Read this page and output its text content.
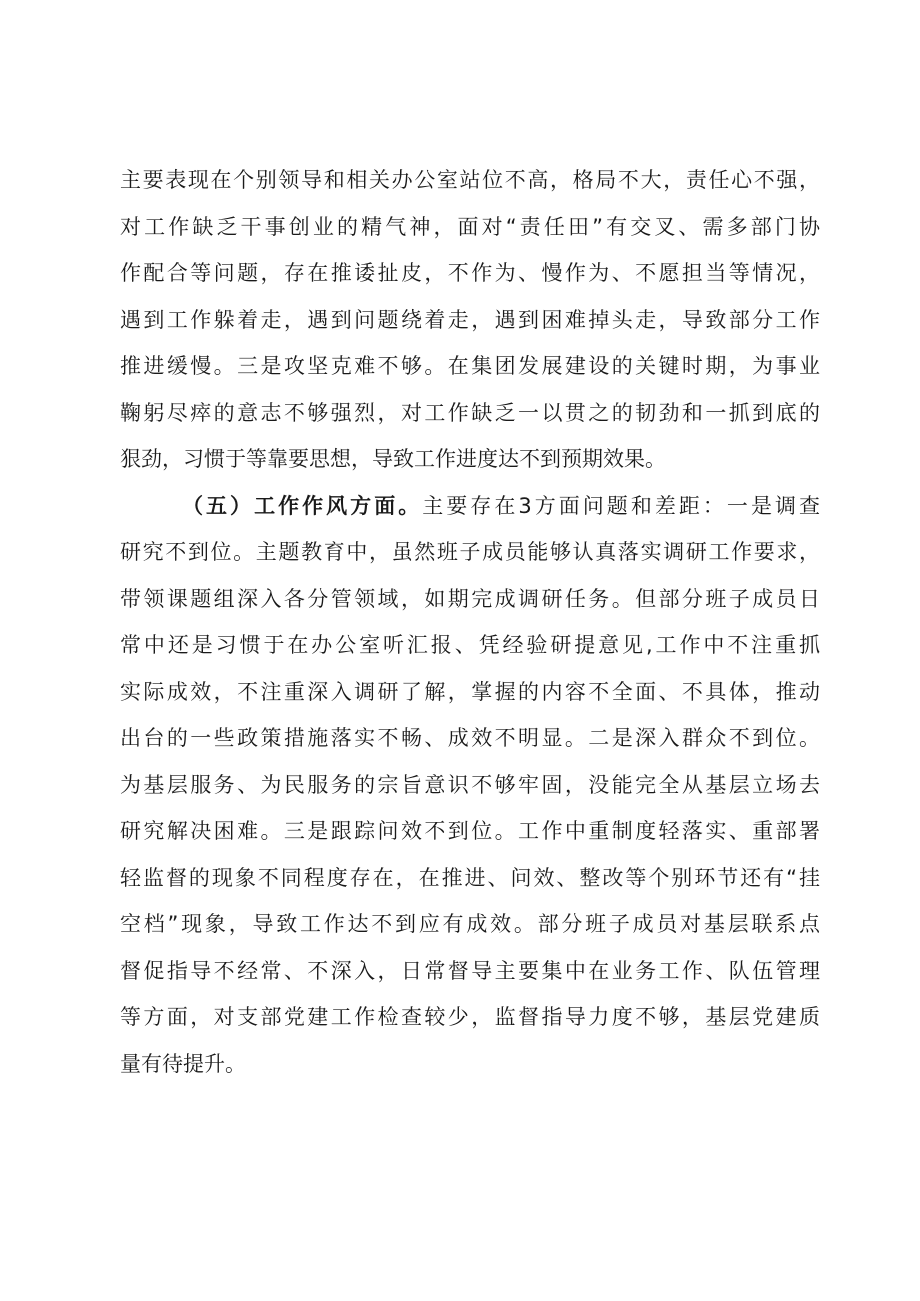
主要表现在个别领导和相关办公室站位不高，格局不大，责任心不强，
对工作缺乏干事创业的精气神，面对“责任田”有交叉、需多部门协
作配合等问题，存在推诿扯皮，不作为、慢作为、不愿担当等情况，
遇到工作躲着走，遇到问题绕着走，遇到困难掉头走，导致部分工作
推进缓慢。三是攻坚克难不够。在集团发展建设的关键时期，为事业
鞠躬尽瘁的意志不够强烈，对工作缺乏一以贯之的韧劲和一抓到底的
狠劲，习惯于等靠要思想，导致工作进度达不到预期效果。
（五）工作作风方面。主要存在3方面问题和差距：一是调查
研究不到位。主题教育中，虽然班子成员能够认真落实调研工作要求，
带领课题组深入各分管领域，如期完成调研任务。但部分班子成员日
常中还是习惯于在办公室听汇报、凭经验研提意见,工作中不注重抓
实际成效，不注重深入调研了解，掌握的内容不全面、不具体，推动
出台的一些政策措施落实不畅、成效不明显。二是深入群众不到位。
为基层服务、为民服务的宗旨意识不够牢固，没能完全从基层立场去
研究解决困难。三是跟踪问效不到位。工作中重制度轻落实、重部署
轻监督的现象不同程度存在，在推进、问效、整改等个别环节还有“挂
空档”现象，导致工作达不到应有成效。部分班子成员对基层联系点
督促指导不经常、不深入，日常督导主要集中在业务工作、队伍管理
等方面，对支部党建工作检查较少，监督指导力度不够，基层党建质
量有待提升。
